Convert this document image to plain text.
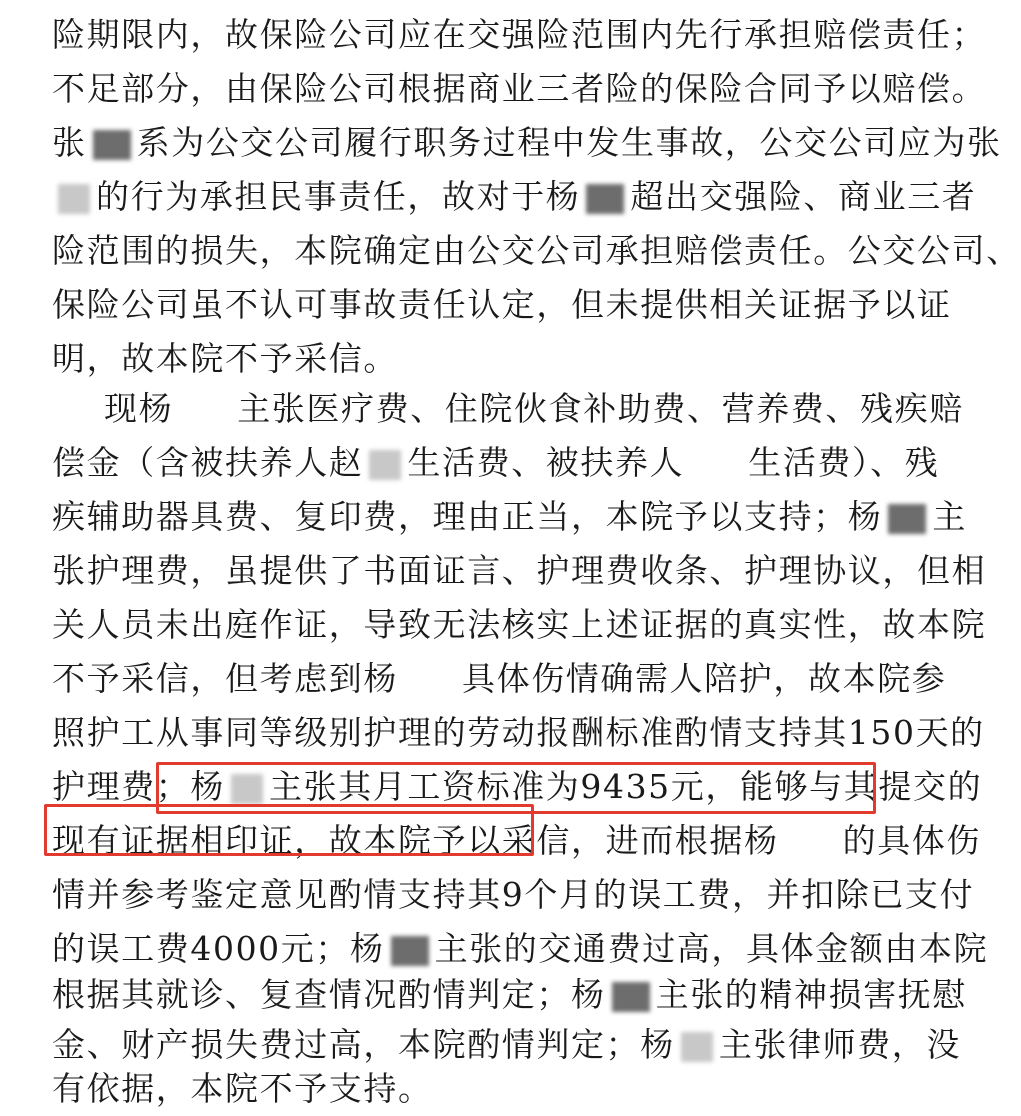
险期限内，故保险公司应在交强险范围内先行承担赔偿责任；
不足部分，由保险公司根据商业三者险的保险合同予以赔偿。
张 系为公交公司履行职务过程中发生事故，公交公司应为张
的行为承担民事责任，故对于杨 超出交强险、商业三者
险范围的损失，本院确定由公交公司承担赔偿责任。公交公司、
保险公司虽不认可事故责任认定，但未提供相关证据予以证
明，故本院不予采信。
现杨 主张医疗费、住院伙食补助费、营养费、残疾赔
偿金（含被扶养人赵 生活费、被扶养人 生活费）、残
疾辅助器具费、复印费，理由正当，本院予以支持；杨 主
张护理费，虽提供了书面证言、护理费收条、护理协议，但相
关人员未出庭作证，导致无法核实上述证据的真实性，故本院
不予采信，但考虑到杨 具体伤情确需人陪护，故本院参
照护工从事同等级别护理的劳动报酬标准酌情支持其150天的
护理费；杨 主张其月工资标准为9435元，能够与其提交的
现有证据相印证，故本院予以采信，进而根据杨 的具体伤
情并参考鉴定意见酌情支持其9个月的误工费，并扣除已支付
的误工费4000元；杨 主张的交通费过高，具体金额由本院
根据其就诊、复查情况酌情判定；杨 主张的精神损害抚慰
金、财产损失费过高，本院酌情判定；杨 主张律师费，没
有依据，本院不予支持。
